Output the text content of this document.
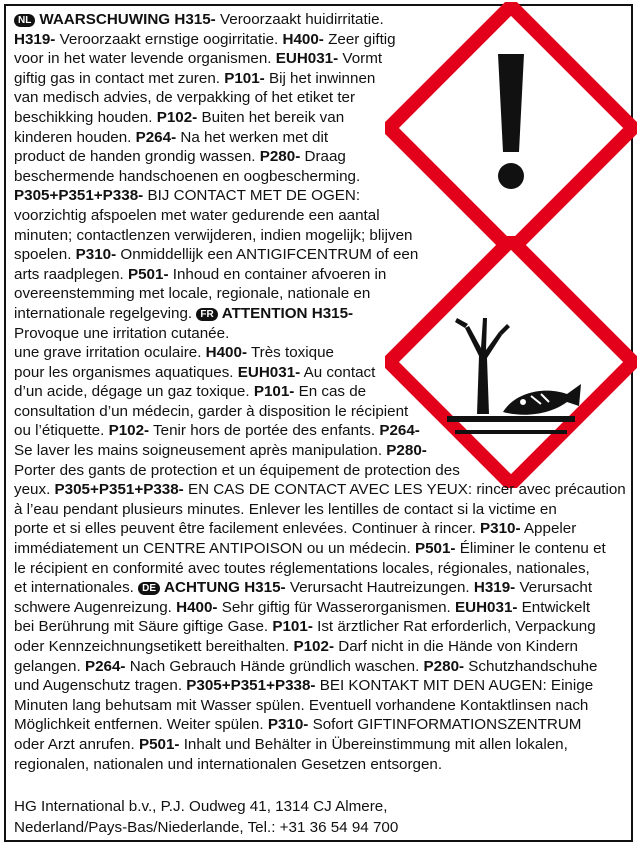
NL WAARSCHUWING H315- Veroorzaakt huidirritatie.
H319- Veroorzaakt ernstige oogirritatie. H400- Zeer giftig
voor in het water levende organismen. EUH031- Vormt
giftig gas in contact met zuren. P101- Bij het inwinnen
van medisch advies, de verpakking of het etiket ter
beschikking houden. P102- Buiten het bereik van
kinderen houden. P264- Na het werken met dit
product de handen grondig wassen. P280- Draag
beschermende handschoenen en oogbescherming.
P305+P351+P338- BIJ CONTACT MET DE OGEN:
voorzichtig afspoelen met water gedurende een aantal
minuten; contactlenzen verwijderen, indien mogelijk; blijven
spoelen. P310- Onmiddellijk een ANTIGIFCENTRUM of een
arts raadplegen. P501- Inhoud en container afvoeren in
overeenstemming met locale, regionale, nationale en
internationale regelgeving. FR ATTENTION H315-
Provoque une irritation cutanée.
une grave irritation oculaire. H400- Très toxique
pour les organismes aquatiques. EUH031- Au contact
d’un acide, dégage un gaz toxique. P101- En cas de
consultation d’un médecin, garder à disposition le récipient
ou l’étiquette. P102- Tenir hors de portée des enfants. P264-
Se laver les mains soigneusement après manipulation. P280-
Porter des gants de protection et un équipement de protection des
yeux. P305+P351+P338- EN CAS DE CONTACT AVEC LES YEUX: rincer avec précaution
à l’eau pendant plusieurs minutes. Enlever les lentilles de contact si la victime en
porte et si elles peuvent être facilement enlevées. Continuer à rincer. P310- Appeler
immédiatement un CENTRE ANTIPOISON ou un médecin. P501- Éliminer le contenu et
le récipient en conformité avec toutes réglementations locales, régionales, nationales,
et internationales. DE ACHTUNG H315- Verursacht Hautreizungen. H319- Verursacht
schwere Augenreizung. H400- Sehr giftig für Wasserorganismen. EUH031- Entwickelt
bei Berührung mit Säure giftige Gase. P101- Ist ärztlicher Rat erforderlich, Verpackung
oder Kennzeichnungsetikett bereithalten. P102- Darf nicht in die Hände von Kindern
gelangen. P264- Nach Gebrauch Hände gründlich waschen. P280- Schutzhandschuhe
und Augenschutz tragen. P305+P351+P338- BEI KONTAKT MIT DEN AUGEN: Einige
Minuten lang behutsam mit Wasser spülen. Eventuell vorhandene Kontaktlinsen nach
Möglichkeit entfernen. Weiter spülen. P310- Sofort GIFTINFORMATIONSZENTRUM
oder Arzt anrufen. P501- Inhalt und Behälter in Übereinstimmung mit allen lokalen,
regionalen, nationalen und internationalen Gesetzen entsorgen.
HG International b.v., P.J. Oudweg 41, 1314 CJ Almere,
Nederland/Pays-Bas/Niederlande, Tel.: +31 36 54 94 700
